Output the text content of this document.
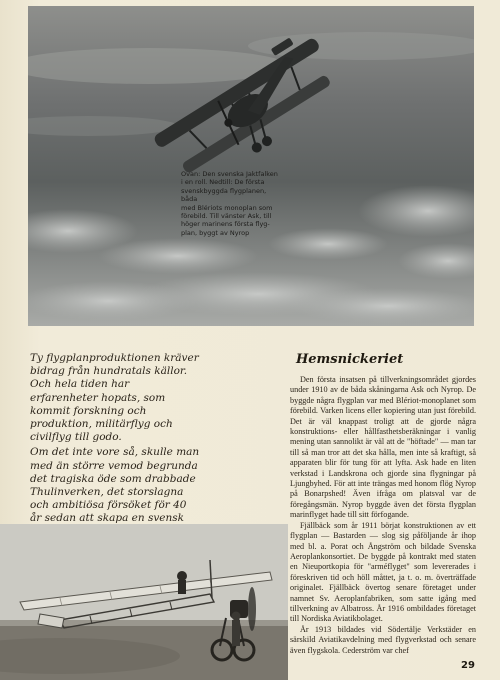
Ovan: Den svenska Jaktfalken
i en roll. Nedtill: De första
svenskbyggda flygplanen, båda
med Blériots monoplan som
förebild. Till vänster Ask, till
höger marinens första flyg-
plan, byggt av Nyrop

Ty flygplanproduktionen kräver bidrag från hundratals källor. Och hela tiden har erfarenheter hopats, som kommit forskning och produktion, militärflyg och civilflyg till godo.

Om det inte vore så, skulle man med än större vemod begrunda det tragiska öde som drabbade Thulinverken, det storslagna och ambitiösa försöket för 40 år sedan att skapa en svensk

Hemsnickeriet

Den första insatsen på tillverkningsområdet gjordes under 1910 av de båda skåningarna Ask och Nyrop. De byggde några flygplan var med Blériot-monoplanet som förebild. Varken licens eller kopiering utan just förebild. Det är väl knappast troligt att de gjorde några konstruktions- eller hållfasthetsberäkningar i vanlig mening utan sannolikt är väl att de "höftade" — man tar till så man tror att det ska hålla, men inte så kraftigt, så apparaten blir för tung för att lyfta. Ask hade en liten verkstad i Landskrona och gjorde sina flygningar på Ljungbyhed. För att inte trängas med honom flög Nyrop på Bonarpshed! Även ifråga om platsval var de föregångsmän. Nyrop byggde även det första flygplan marinflyget hade till sitt förfogande.

Fjällbäck som år 1911 börjat konstruktionen av ett flygplan — Bastarden — slog sig påföljande år ihop med bl. a. Porat och Ångström och bildade Svenska Aeroplankonsortiet. De byggde på kontrakt med staten en Nieuportkopia för "arméflyget" som levererades i föreskriven tid och höll måttet, ja t. o. m. överträffade originalet. Fjällbäck övertog senare företaget under namnet Sv. Aeroplanfabriken, som satte igång med tillverkning av Albatross. År 1916 ombildades företaget till Nordiska Aviatikbolaget.

År 1913 bildades vid Södertälje Verkstäder en särskild Aviatikavdelning med flygverkstad och senare även flygskola. Cederström var chef

29
